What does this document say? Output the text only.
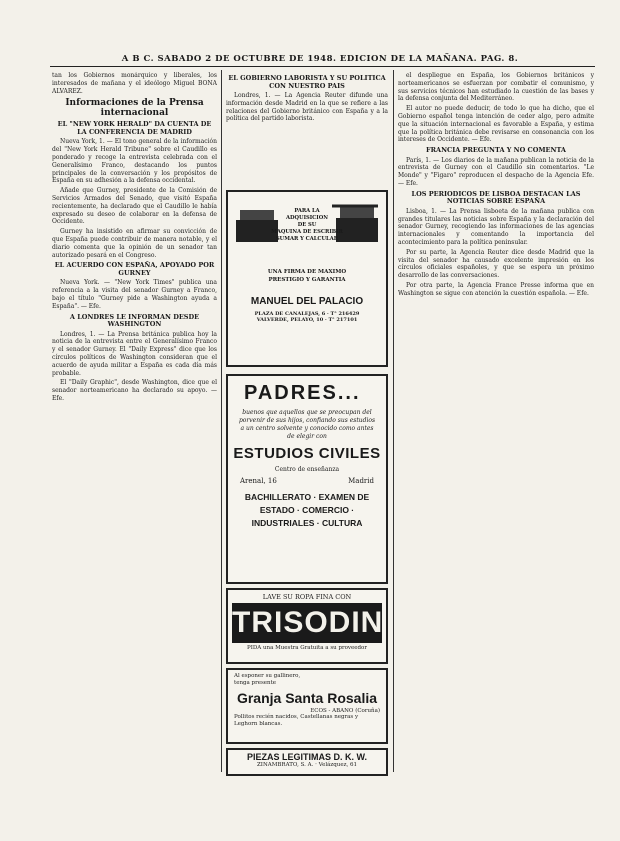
A B C. SABADO 2 DE OCTUBRE DE 1948. EDICION DE LA MAÑANA. PAG. 8.

tan los Gobiernos monárquico y liberales, los interesados de mañana y el ideólogo Miguel BONA ALVAREZ.

Informaciones de la Prensa internacional
EL "NEW YORK HERALD" DA CUENTA DE LA CONFERENCIA DE MADRID

Nueva York, 1. — El tono general de la información del "New York Herald Tribune" sobre el Caudillo es ponderado y recoge la entrevista celebrada con el Generalísimo Franco, destacando los puntos principales de la conversación y los propósitos de España en su adhesión a la defensa occidental.

Añade que Gurney, presidente de la Comisión de Servicios Armados del Senado, que visitó España recientemente, ha declarado que el Caudillo le había expresado su deseo de colaborar en la defensa de Occidente.

Gurney ha insistido en afirmar su convicción de que España puede contribuir de manera notable, y el diario comenta que la opinión de un senador tan autorizado pesará en el Congreso.

EL ACUERDO CON ESPAÑA, APOYADO POR GURNEY

Nueva York. — "New York Times" publica una referencia a la visita del senador Gurney a Franco, bajo el título "Gurney pide a Washington ayuda a España". — Efe.

A LONDRES LE INFORMAN DESDE WASHINGTON

Londres, 1. — La Prensa británica publica hoy la noticia de la entrevista entre el Generalísimo Franco y el senador Gurney. El "Daily Express" dice que los círculos políticos de Washington consideran que el acuerdo de ayuda militar a España es cada día más probable.

El "Daily Graphic", desde Washington, dice que el senador norteamericano ha declarado su apoyo. — Efe.

EL GOBIERNO LABORISTA Y SU POLITICA CON NUESTRO PAIS

Londres, 1. — La Agencia Reuter difunde una información desde Madrid en la que se refiere a las relaciones del Gobierno británico con España y a la política del partido laborista.

PARA LA
ADQUISICION
DE SU
MAQUINA DE ESCRIBIR
SUMAR Y CALCULAR
UNA FIRMA DE MAXIMO
PRESTIGIO Y GARANTIA
MANUEL DEL PALACIO
PLAZA DE CANALEJAS, 6 · T° 216429
VALVERDE, PELAYO, 10 · T° 217101
PADRES...
buenos que aquellos que se preocupan del porvenir de sus hijos, confiando sus estudios a un centro solvente y conocido como antes de elegir con
ESTUDIOS CIVILES
Centro de enseñanza
Arenal, 16	Madrid
BACHILLERATO · EXAMEN DE ESTADO · COMERCIO · INDUSTRIALES · CULTURA
LAVE SU ROPA FINA CON
TRISODIN
PIDA una Muestra Gratuita a su proveedor
Al esponer su gallinero, tenga presente
Granja Santa Rosalia
ECOS - ABANO (Coruña)
Pollitos recién nacidos, Castellanas negras y Leghorn blancas.
PIEZAS LEGITIMAS D. K. W.
ZINAMBRATO, S. A. · Velázquez, 61

el despliegue en España, los Gobiernos británicos y norteamericanos se esfuerzan por combatir el comunismo, y sus servicios técnicos han estudiado la cuestión de las bases y la defensa conjunta del Mediterráneo.

El autor no puede deducir, de todo lo que ha dicho, que el Gobierno español tenga intención de ceder algo, pero admite que la situación internacional es favorable a España, y estima que la política británica debe revisarse en consonancia con los intereses de Occidente. — Efe.

FRANCIA PREGUNTA Y NO COMENTA

París, 1. — Los diarios de la mañana publican la noticia de la entrevista de Gurney con el Caudillo sin comentarios. "Le Monde" y "Figaro" reproducen el despacho de la Agencia Efe. — Efe.

LOS PERIODICOS DE LISBOA DESTACAN LAS NOTICIAS SOBRE ESPAÑA

Lisboa, 1. — La Prensa lisboeta de la mañana publica con grandes titulares las noticias sobre España y la declaración del senador Gurney, recogiendo las informaciones de las agencias internacionales y comentando la importancia del acontecimiento para la política peninsular.

Por su parte, la Agencia Reuter dice desde Madrid que la visita del senador ha causado excelente impresión en los círculos oficiales españoles, y que se espera un próximo desarrollo de las conversaciones.

Por otra parte, la Agencia France Presse informa que en Washington se sigue con atención la cuestión española. — Efe.
